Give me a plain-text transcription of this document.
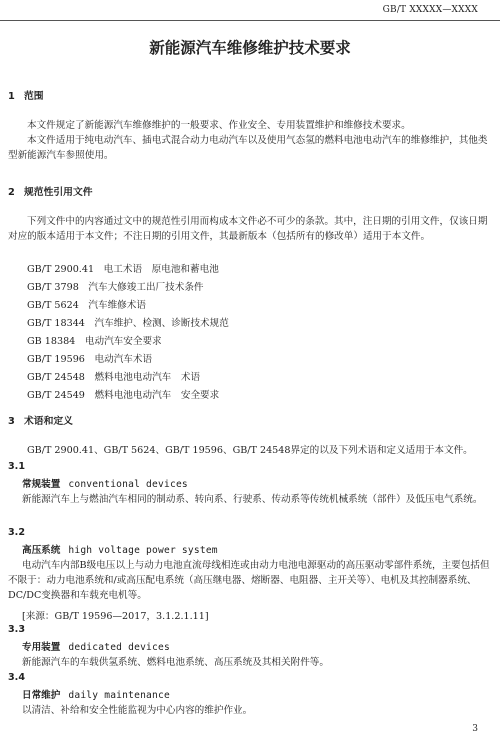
GB/T XXXXX—XXXX
新能源汽车维修维护技术要求
1 范围
本文件规定了新能源汽车维修维护的一般要求、作业安全、专用装置维护和维修技术要求。
本文件适用于纯电动汽车、插电式混合动力电动汽车以及使用气态氢的燃料电池电动汽车的维修维护，其他类型新能源汽车参照使用。
2 规范性引用文件
下列文件中的内容通过文中的规范性引用而构成本文件必不可少的条款。其中，注日期的引用文件，仅该日期对应的版本适用于本文件；不注日期的引用文件，其最新版本（包括所有的修改单）适用于本文件。
GB/T 2900.41　电工术语　原电池和蓄电池
GB/T 3798　汽车大修竣工出厂技术条件
GB/T 5624　汽车维修术语
GB/T 18344　汽车维护、检测、诊断技术规范
GB 18384　电动汽车安全要求
GB/T 19596　电动汽车术语
GB/T 24548　燃料电池电动汽车　术语
GB/T 24549　燃料电池电动汽车　安全要求
3 术语和定义
GB/T 2900.41、GB/T 5624、GB/T 19596、GB/T 24548界定的以及下列术语和定义适用于本文件。
3.1
常规装置 conventional devices
新能源汽车上与燃油汽车相同的制动系、转向系、行驶系、传动系等传统机械系统（部件）及低压电气系统。
3.2
高压系统 high voltage power system
电动汽车内部B级电压以上与动力电池直流母线相连或由动力电池电源驱动的高压驱动零部件系统，主要包括但不限于：动力电池系统和/或高压配电系统（高压继电器、熔断器、电阻器、主开关等）、电机及其控制器系统、DC/DC变换器和车载充电机等。
[来源：GB/T 19596—2017，3.1.2.1.11]
3.3
专用装置 dedicated devices
新能源汽车的车载供氢系统、燃料电池系统、高压系统及其相关附件等。
3.4
日常维护 daily maintenance
以清洁、补给和安全性能监视为中心内容的维护作业。
3
